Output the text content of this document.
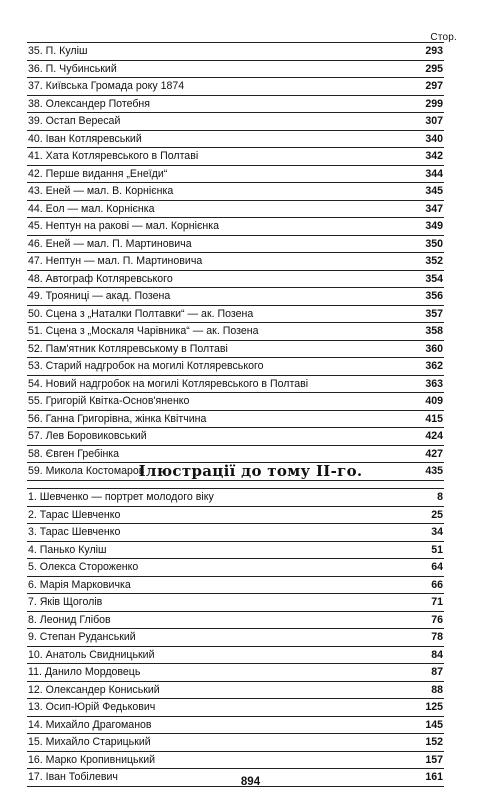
Стор.
35. П. Куліш	293
36. П. Чубинський	295
37. Київська Громада року 1874	297
38. Олександер Потебня	299
39. Остап Вересай	307
40. Іван Котляревський	340
41. Хата Котляревського в Полтаві	342
42. Перше видання „Енеїди“	344
43. Еней — мал. В. Корнієнка	345
44. Еол — мал. Корнієнка	347
45. Нептун на ракові — мал. Корнієнка	349
46. Еней — мал. П. Мартиновича	350
47. Нептун — мал. П. Мартиновича	352
48. Автограф Котляревського	354
49. Трояниці — акад. Позена	356
50. Сцена з „Наталки Полтавки“ — ак. Позена	357
51. Сцена з „Москаля Чарівника“ — ак. Позена	358
52. Пам'ятник Котляревському в Полтаві	360
53. Старий надгробок на могилі Котляревського	362
54. Новий надгробок на могилі Котляревського в Полтаві	363
55. Григорій Квітка-Основ'яненко	409
56. Ганна Григорівна, жінка Квітчина	415
57. Лев Боровиковський	424
58. Євген Гребінка	427
59. Микола Костомаров	435
Ілюстрації до тому II-го.
1. Шевченко — портрет молодого віку	8
2. Тарас Шевченко	25
3. Тарас Шевченко	34
4. Панько Куліш	51
5. Олекса Стороженко	64
6. Марія Марковичка	66
7. Яків Щоголів	71
8. Леонид Глібов	76
9. Степан Руданський	78
10. Анатоль Свидницький	84
11. Данило Мордовець	87
12. Олександер Кониський	88
13. Осип-Юрій Федькович	125
14. Михайло Драгоманов	145
15. Михайло Старицький	152
16. Марко Кропивницький	157
17. Іван Тобілевич	161
894
